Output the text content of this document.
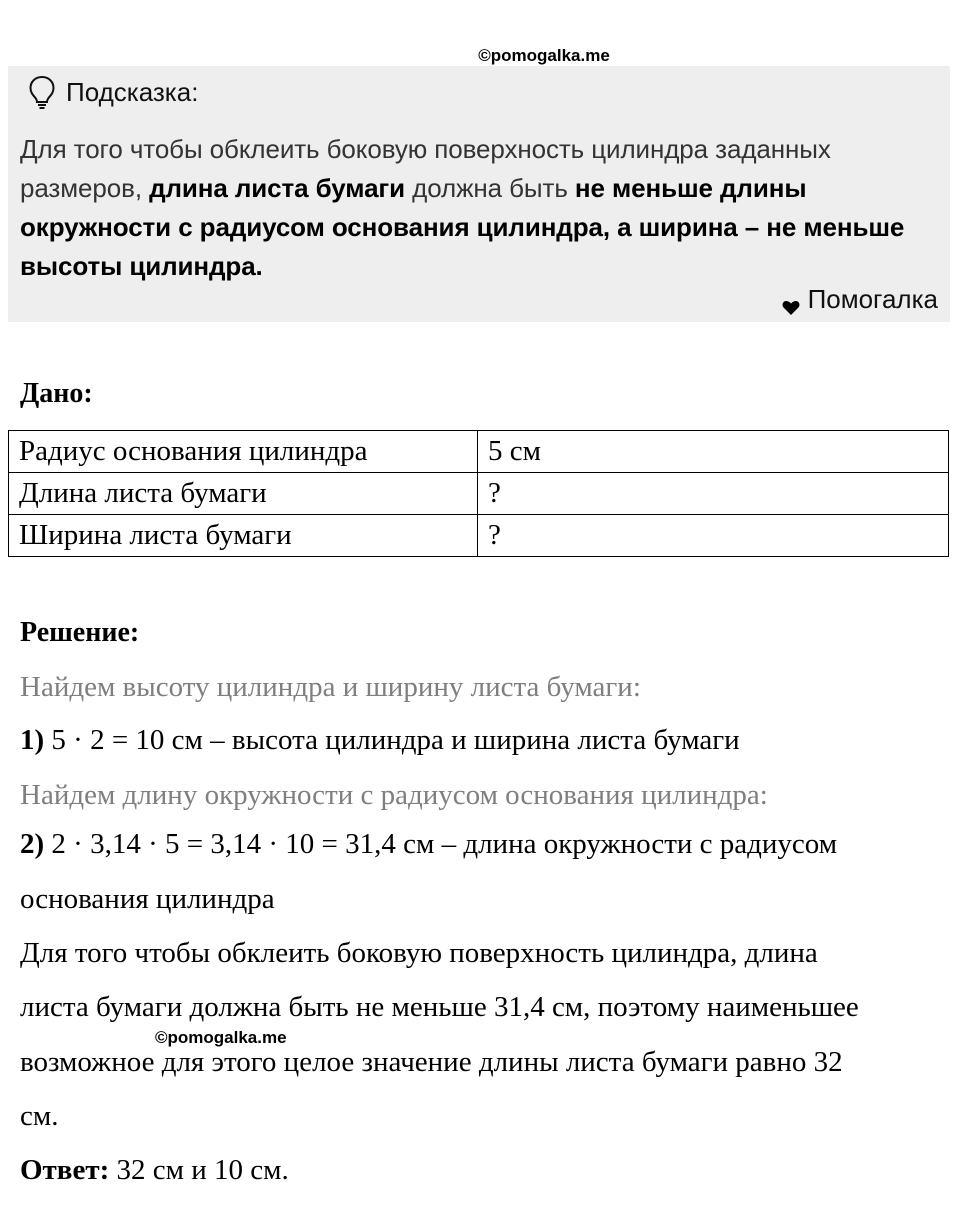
©pomogalka.me
Подсказка:
Для того чтобы обклеить боковую поверхность цилиндра заданных размеров, длина листа бумаги должна быть не меньше длины окружности с радиусом основания цилиндра, а ширина – не меньше высоты цилиндра.
Помогалка
Дано:
Радиус основания цилиндра	5 см
Длина листа бумаги	?
Ширина листа бумаги	?
Решение:
Найдем высоту цилиндра и ширину листа бумаги:
1) 5 · 2 = 10 см – высота цилиндра и ширина листа бумаги
Найдем длину окружности с радиусом основания цилиндра:
2) 2 · 3,14 · 5 = 3,14 · 10 = 31,4 см – длина окружности с радиусом
основания цилиндра
Для того чтобы обклеить боковую поверхность цилиндра, длина
листа бумаги должна быть не меньше 31,4 см, поэтому наименьшее
возможное для этого целое значение длины листа бумаги равно 32
см.
©pomogalka.me
Ответ: 32 см и 10 см.
